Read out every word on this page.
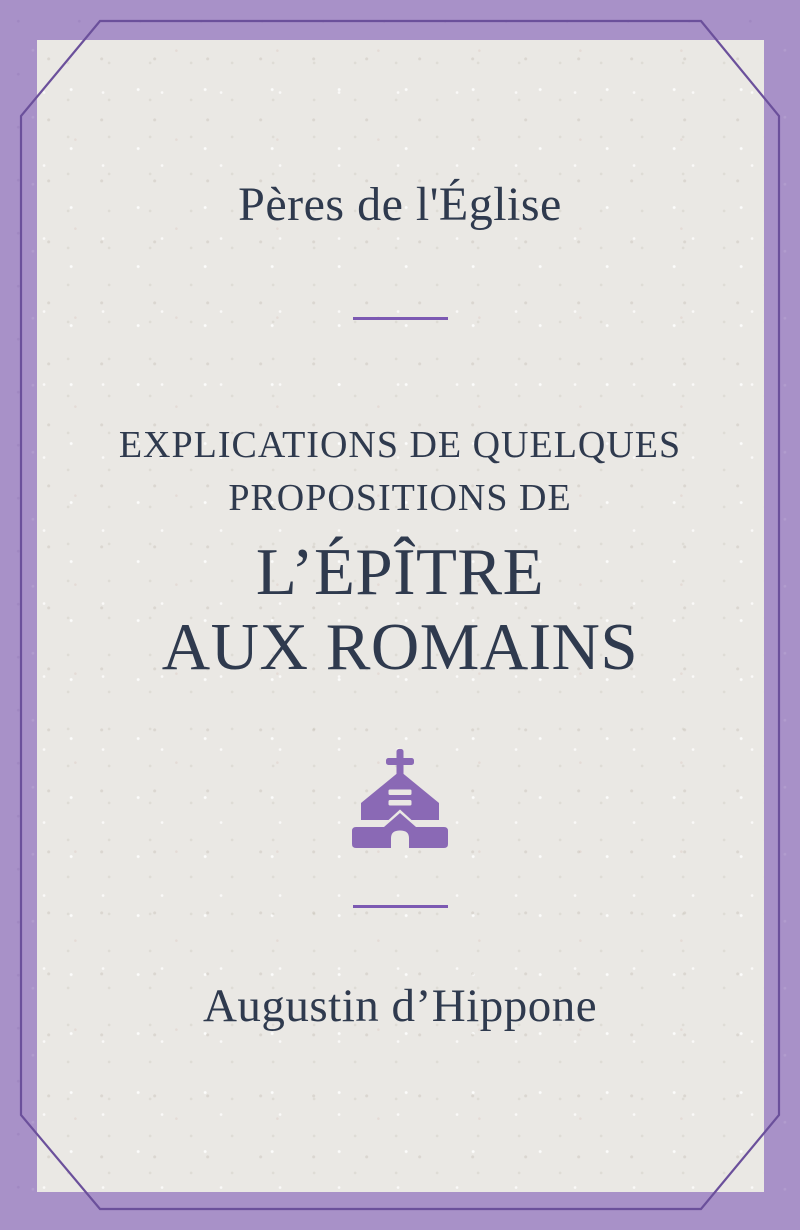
Pères de l'Église
EXPLICATIONS DE QUELQUES
PROPOSITIONS DE
L’ÉPÎTRE
AUX ROMAINS
Augustin d’Hippone
